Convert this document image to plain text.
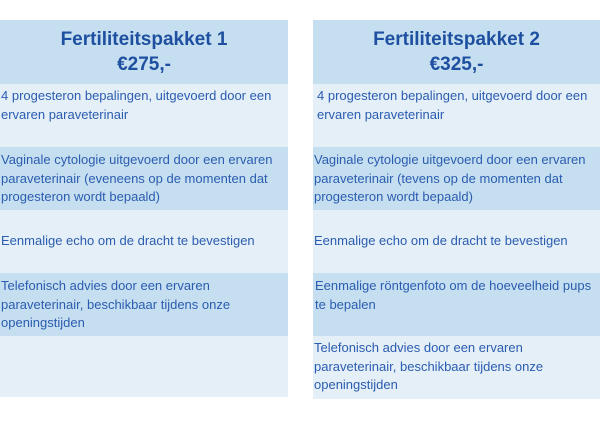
Fertiliteitspakket 1
€275,-
4 progesteron bepalingen, uitgevoerd door een ervaren paraveterinair
Vaginale cytologie uitgevoerd door een ervaren paraveterinair (eveneens op de momenten dat progesteron wordt bepaald)
Eenmalige echo om de dracht te bevestigen
Telefonisch advies door een ervaren paraveterinair, beschikbaar tijdens onze openingstijden
Fertiliteitspakket 2
€325,-
4 progesteron bepalingen, uitgevoerd door een ervaren paraveterinair
Vaginale cytologie uitgevoerd door een ervaren paraveterinair (tevens op de momenten dat progesteron wordt bepaald)
Eenmalige echo om de dracht te bevestigen
Eenmalige röntgenfoto om de hoeveelheid pups te bepalen
Telefonisch advies door een ervaren paraveterinair, beschikbaar tijdens onze openingstijden
